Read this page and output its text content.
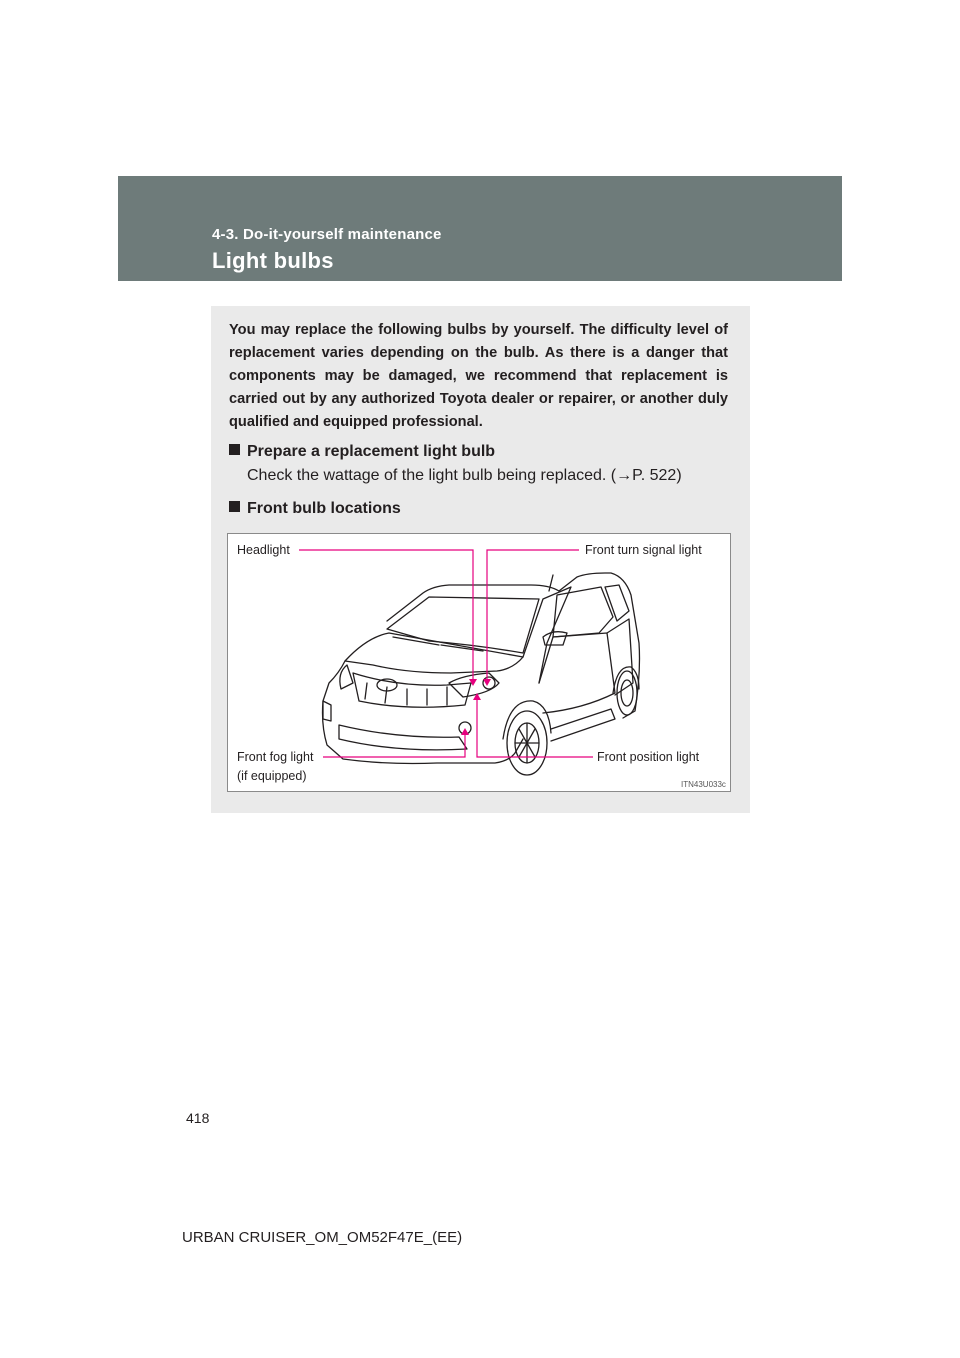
4-3. Do-it-yourself maintenance
Light bulbs
You may replace the following bulbs by yourself. The difficulty level of replacement varies depending on the bulb. As there is a danger that components may be damaged, we recommend that replacement is carried out by any authorized Toyota dealer or repairer, or another duly qualified and equipped professional.
Prepare a replacement light bulb
Check the wattage of the light bulb being replaced. (→P. 522)
Front bulb locations
Headlight	Front turn signal light
Front fog light
(if equipped)
Front position light
ITN43U033c
418
URBAN CRUISER_OM_OM52F47E_(EE)
